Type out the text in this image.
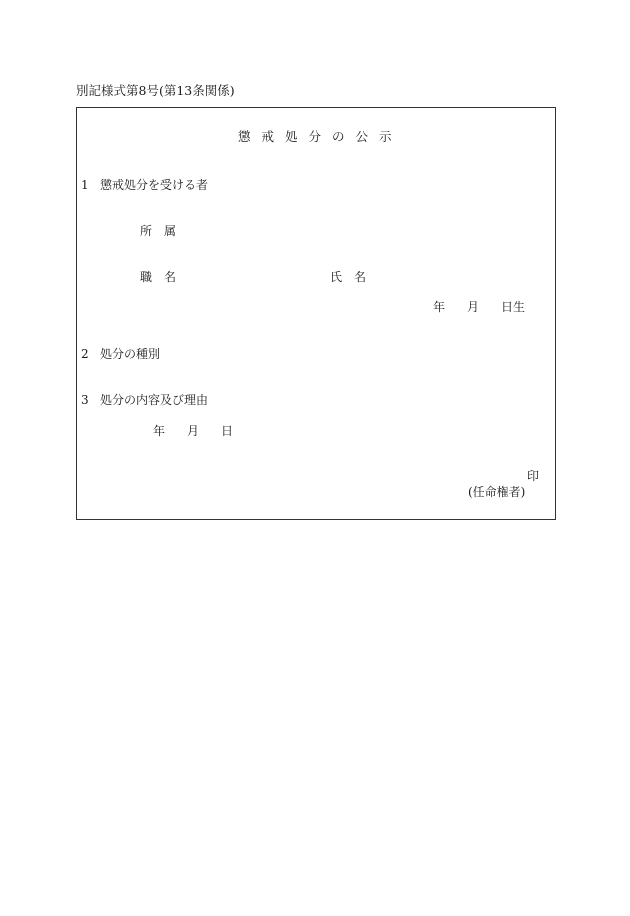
別記様式第8号(第13条関係)
懲戒処分の公示
1 懲戒処分を受ける者
所属
職名	氏名
年 月 日生
2 処分の種別
3 処分の内容及び理由
年 月 日
印
(任命権者)
